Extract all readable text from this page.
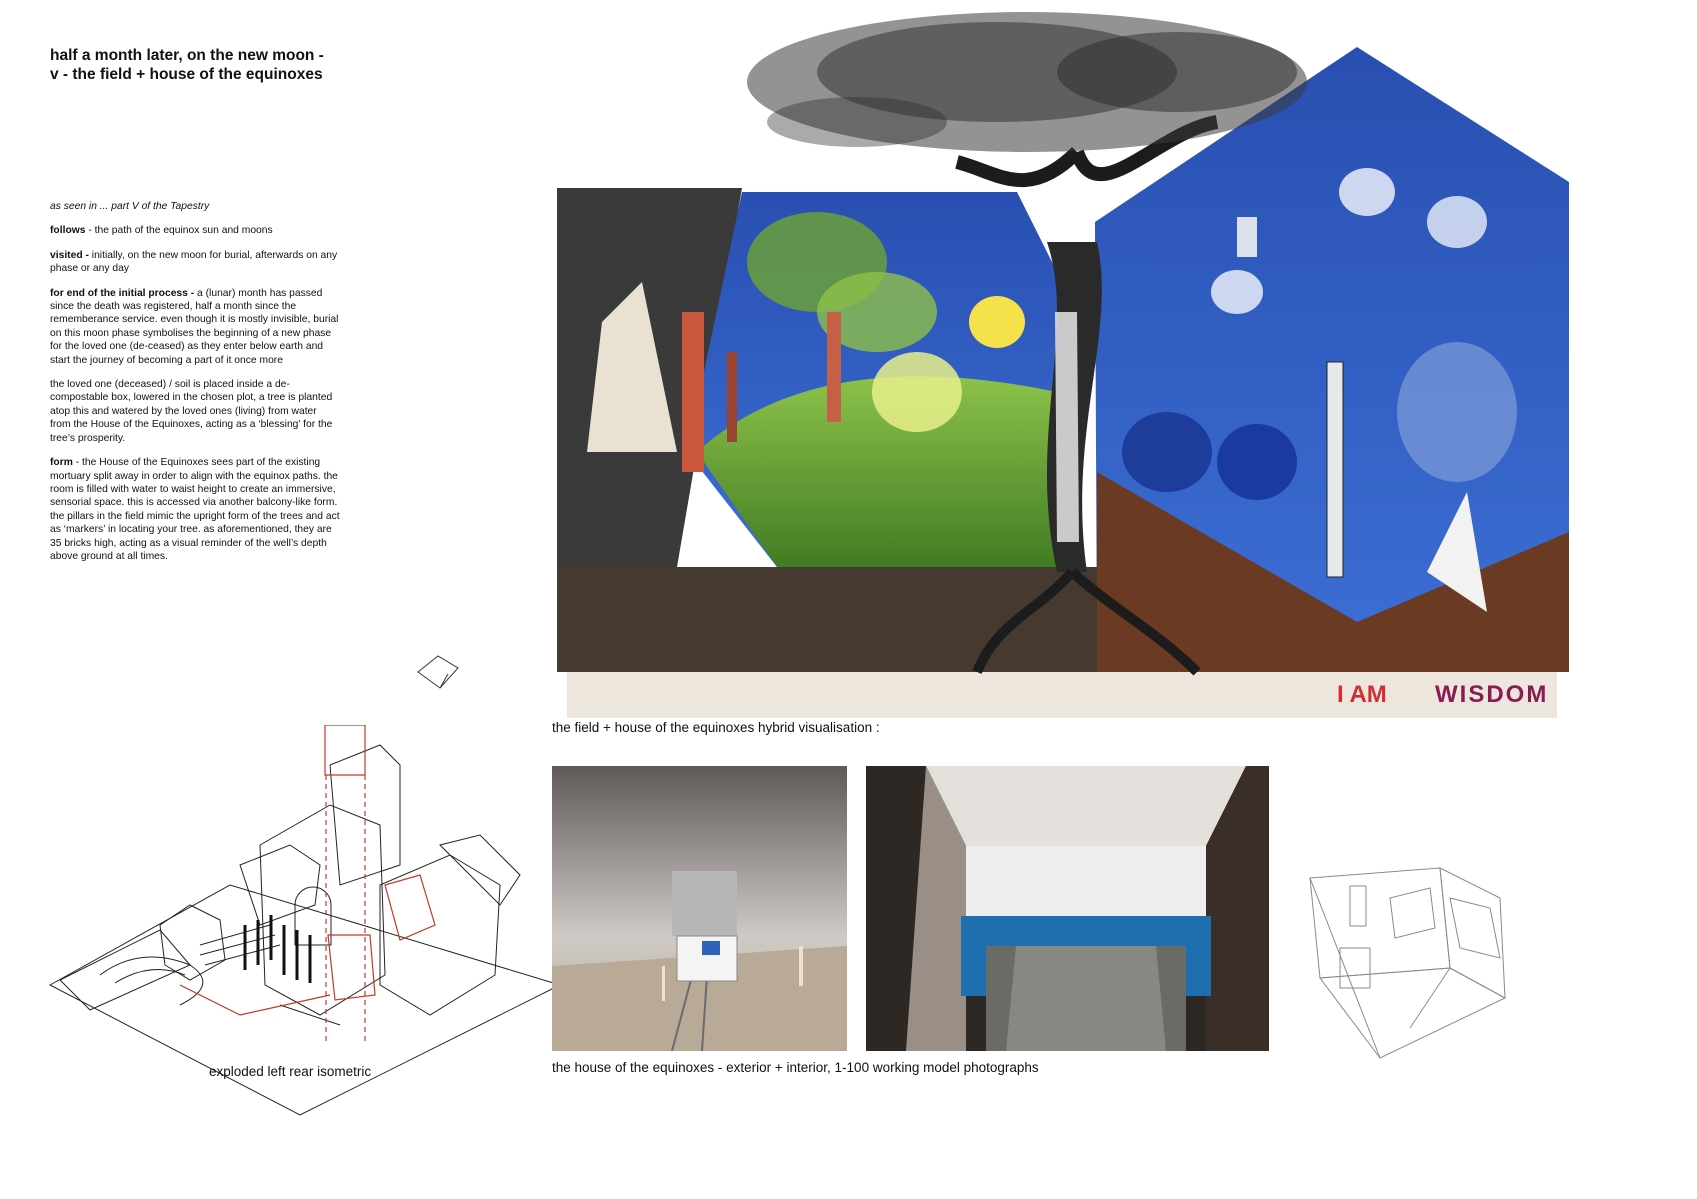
half a month later, on the new moon -
v - the field + house of the equinoxes

as seen in ... part V of the Tapestry

follows - the path of the equinox sun and moons

visited - initially, on the new moon for burial, afterwards on any phase or any day

for end of the initial process - a (lunar) month has passed since the death was registered, half a month since the rememberance service. even though it is mostly invisible, burial on this moon phase symbolises the beginning of a new phase for the loved one (de-ceased) as they enter below earth and start the journey of becoming a part of it once more

the loved one (deceased) / soil is placed inside a de-compostable box, lowered in the chosen plot, a tree is planted atop this and watered by the loved ones (living) from water from the House of the Equinoxes, acting as a ‘blessing’ for the tree’s prosperity.

form - the House of the Equinoxes sees part of the existing mortuary split away in order to align with the equinox paths. the room is filled with water to waist height to create an immersive, sensorial space. this is accessed via another balcony-like form. the pillars in the field mimic the upright form of the trees and act as ‘markers’ in locating your tree. as aforementioned, they are 35 bricks high, acting as a visual reminder of the well’s depth above ground at all times.

exploded left rear isometric
I AM WISDOM
the field + house of the equinoxes hybrid visualisation :
the house of the equinoxes - exterior + interior, 1-100 working model photographs
